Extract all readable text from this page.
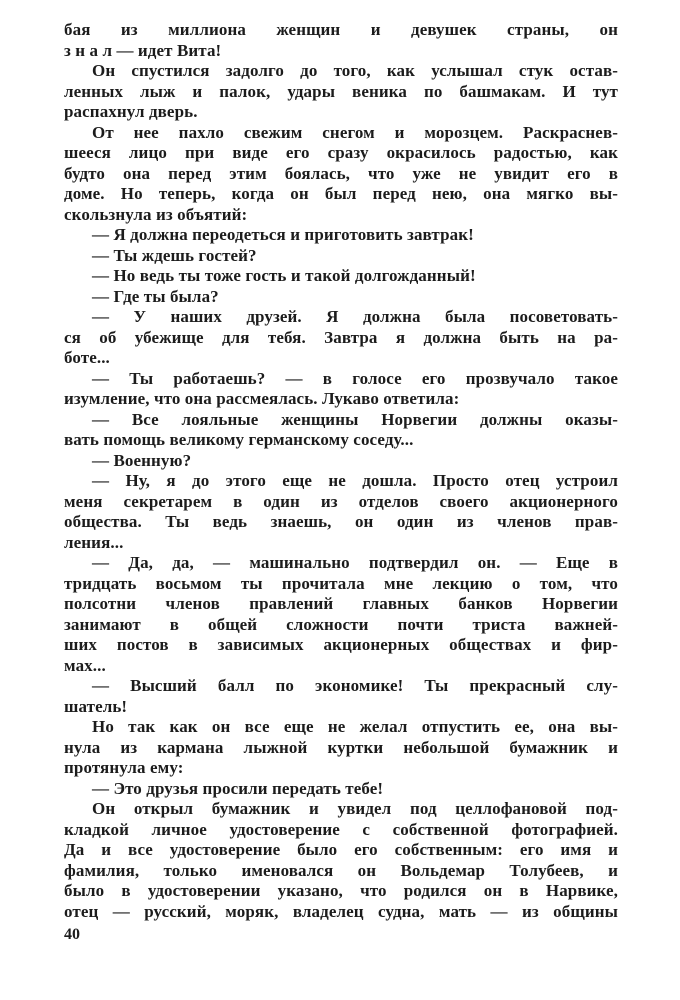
бая из миллиона женщин и девушек страны, он
з н а л — идет Вита!
Он спустился задолго до того, как услышал стук остав-
ленных лыж и палок, удары веника по башмакам. И тут
распахнул дверь.
От нее пахло свежим снегом и морозцем. Раскраснев-
шееся лицо при виде его сразу окрасилось радостью, как
будто она перед этим боялась, что уже не увидит его в
доме. Но теперь, когда он был перед нею, она мягко вы-
скользнула из объятий:
— Я должна переодеться и приготовить завтрак!
— Ты ждешь гостей?
— Но ведь ты тоже гость и такой долгожданный!
— Где ты была?
— У наших друзей. Я должна была посоветовать-
ся об убежище для тебя. Завтра я должна быть на ра-
боте...
— Ты работаешь? — в голосе его прозвучало такое
изумление, что она рассмеялась. Лукаво ответила:
— Все лояльные женщины Норвегии должны оказы-
вать помощь великому германскому соседу...
— Военную?
— Ну, я до этого еще не дошла. Просто отец устроил
меня секретарем в один из отделов своего акционерного
общества. Ты ведь знаешь, он один из членов прав-
ления...
— Да, да, — машинально подтвердил он. — Еще в
тридцать восьмом ты прочитала мне лекцию о том, что
полсотни членов правлений главных банков Норвегии
занимают в общей сложности почти триста важней-
ших постов в зависимых акционерных обществах и фир-
мах...
— Высший балл по экономике! Ты прекрасный слу-
шатель!
Но так как он все еще не желал отпустить ее, она вы-
нула из кармана лыжной куртки небольшой бумажник и
протянула ему:
— Это друзья просили передать тебе!
Он открыл бумажник и увидел под целлофановой под-
кладкой личное удостоверение с собственной фотографией.
Да и все удостоверение было его собственным: его имя и
фамилия, только именовался он Вольдемар Толубеев, и
было в удостоверении указано, что родился он в Нарвике,
отец — русский, моряк, владелец судна, мать — из общины
40
